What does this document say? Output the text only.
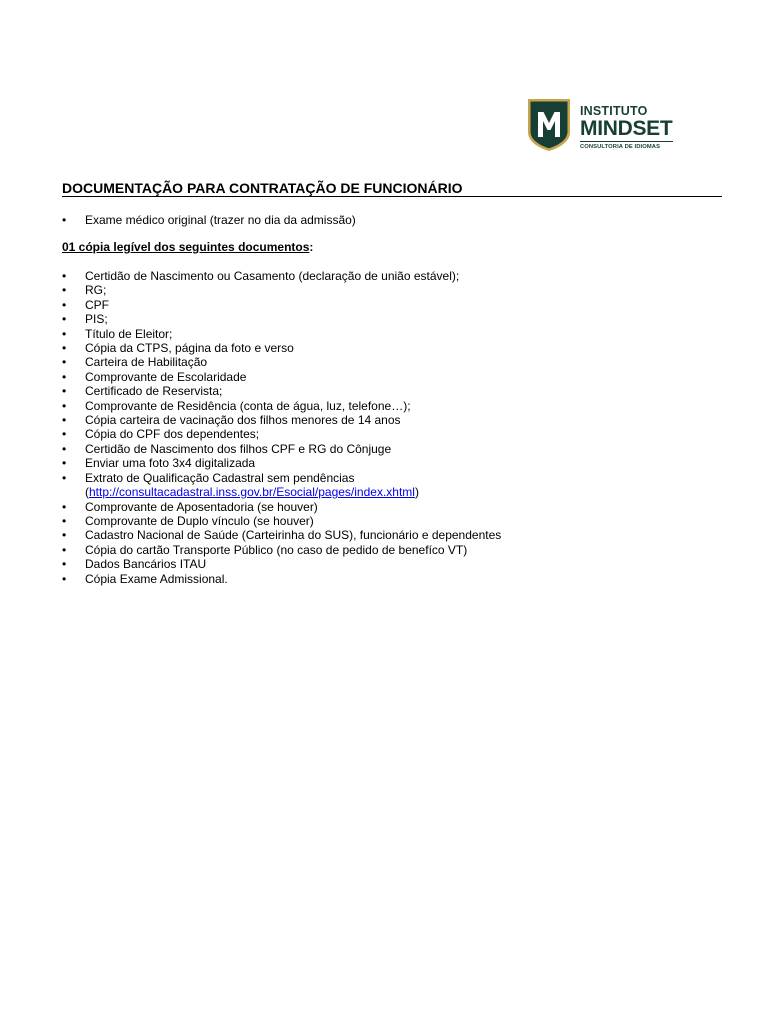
INSTITUTO
MINDSET
CONSULTORIA DE IDIOMAS
DOCUMENTAÇÃO PARA CONTRATAÇÃO DE FUNCIONÁRIO
• Exame médico original (trazer no dia da admissão)
01 cópia legível dos seguintes documentos:
• Certidão de Nascimento ou Casamento (declaração de união estável);
• RG;
• CPF
• PIS;
• Título de Eleitor;
• Cópia da CTPS, página da foto e verso
• Carteira de Habilitação
• Comprovante de Escolaridade
• Certificado de Reservista;
• Comprovante de Residência (conta de água, luz, telefone…);
• Cópia carteira de vacinação dos filhos menores de 14 anos
• Cópia do CPF dos dependentes;
• Certidão de Nascimento dos filhos CPF e RG do Cônjuge
• Enviar uma foto 3x4 digitalizada
• Extrato de Qualificação Cadastral sem pendências
(http://consultacadastral.inss.gov.br/Esocial/pages/index.xhtml)
• Comprovante de Aposentadoria (se houver)
• Comprovante de Duplo vínculo (se houver)
• Cadastro Nacional de Saúde (Carteirinha do SUS), funcionário e dependentes
• Cópia do cartão Transporte Público (no caso de pedido de benefíco VT)
• Dados Bancários ITAU
• Cópia Exame Admissional.
